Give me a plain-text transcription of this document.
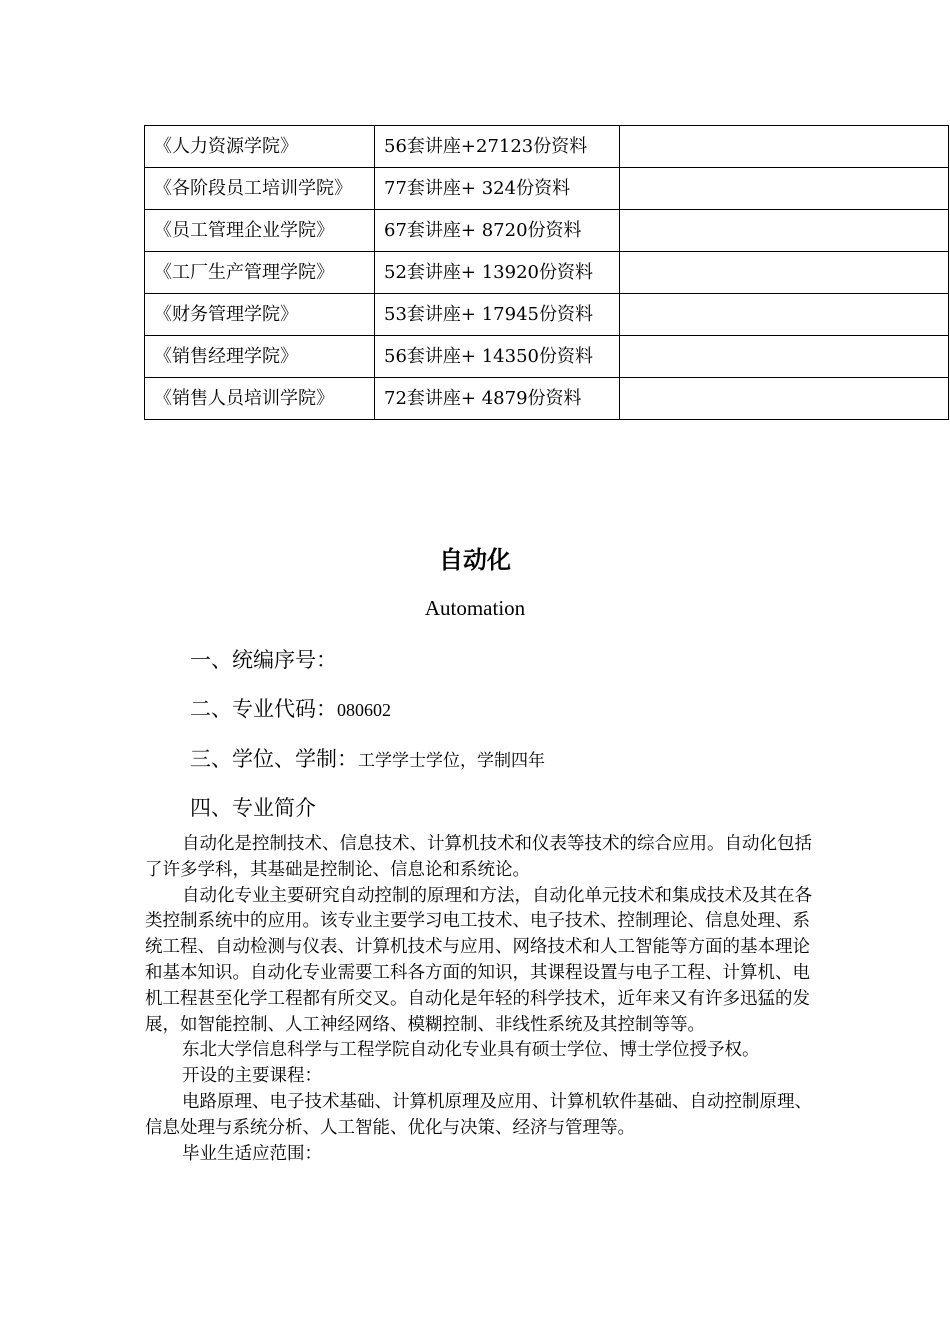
《人力资源学院》	56套讲座+27123份资料	
《各阶段员工培训学院》	77套讲座+ 324份资料	
《员工管理企业学院》	67套讲座+ 8720份资料	
《工厂生产管理学院》	52套讲座+ 13920份资料	
《财务管理学院》	53套讲座+ 17945份资料	
《销售经理学院》	56套讲座+ 14350份资料	
《销售人员培训学院》	72套讲座+ 4879份资料	
自动化
Automation
一、统编序号：
二、专业代码：080602
三、学位、学制：工学学士学位，学制四年
四、专业简介

自动化是控制技术、信息技术、计算机技术和仪表等技术的综合应用。自动化包括了许多学科，其基础是控制论、信息论和系统论。

自动化专业主要研究自动控制的原理和方法，自动化单元技术和集成技术及其在各类控制系统中的应用。该专业主要学习电工技术、电子技术、控制理论、信息处理、系统工程、自动检测与仪表、计算机技术与应用、网络技术和人工智能等方面的基本理论和基本知识。自动化专业需要工科各方面的知识，其课程设置与电子工程、计算机、电机工程甚至化学工程都有所交叉。自动化是年轻的科学技术，近年来又有许多迅猛的发展，如智能控制、人工神经网络、模糊控制、非线性系统及其控制等等。

东北大学信息科学与工程学院自动化专业具有硕士学位、博士学位授予权。

开设的主要课程：

电路原理、电子技术基础、计算机原理及应用、计算机软件基础、自动控制原理、信息处理与系统分析、人工智能、优化与决策、经济与管理等。

毕业生适应范围：
